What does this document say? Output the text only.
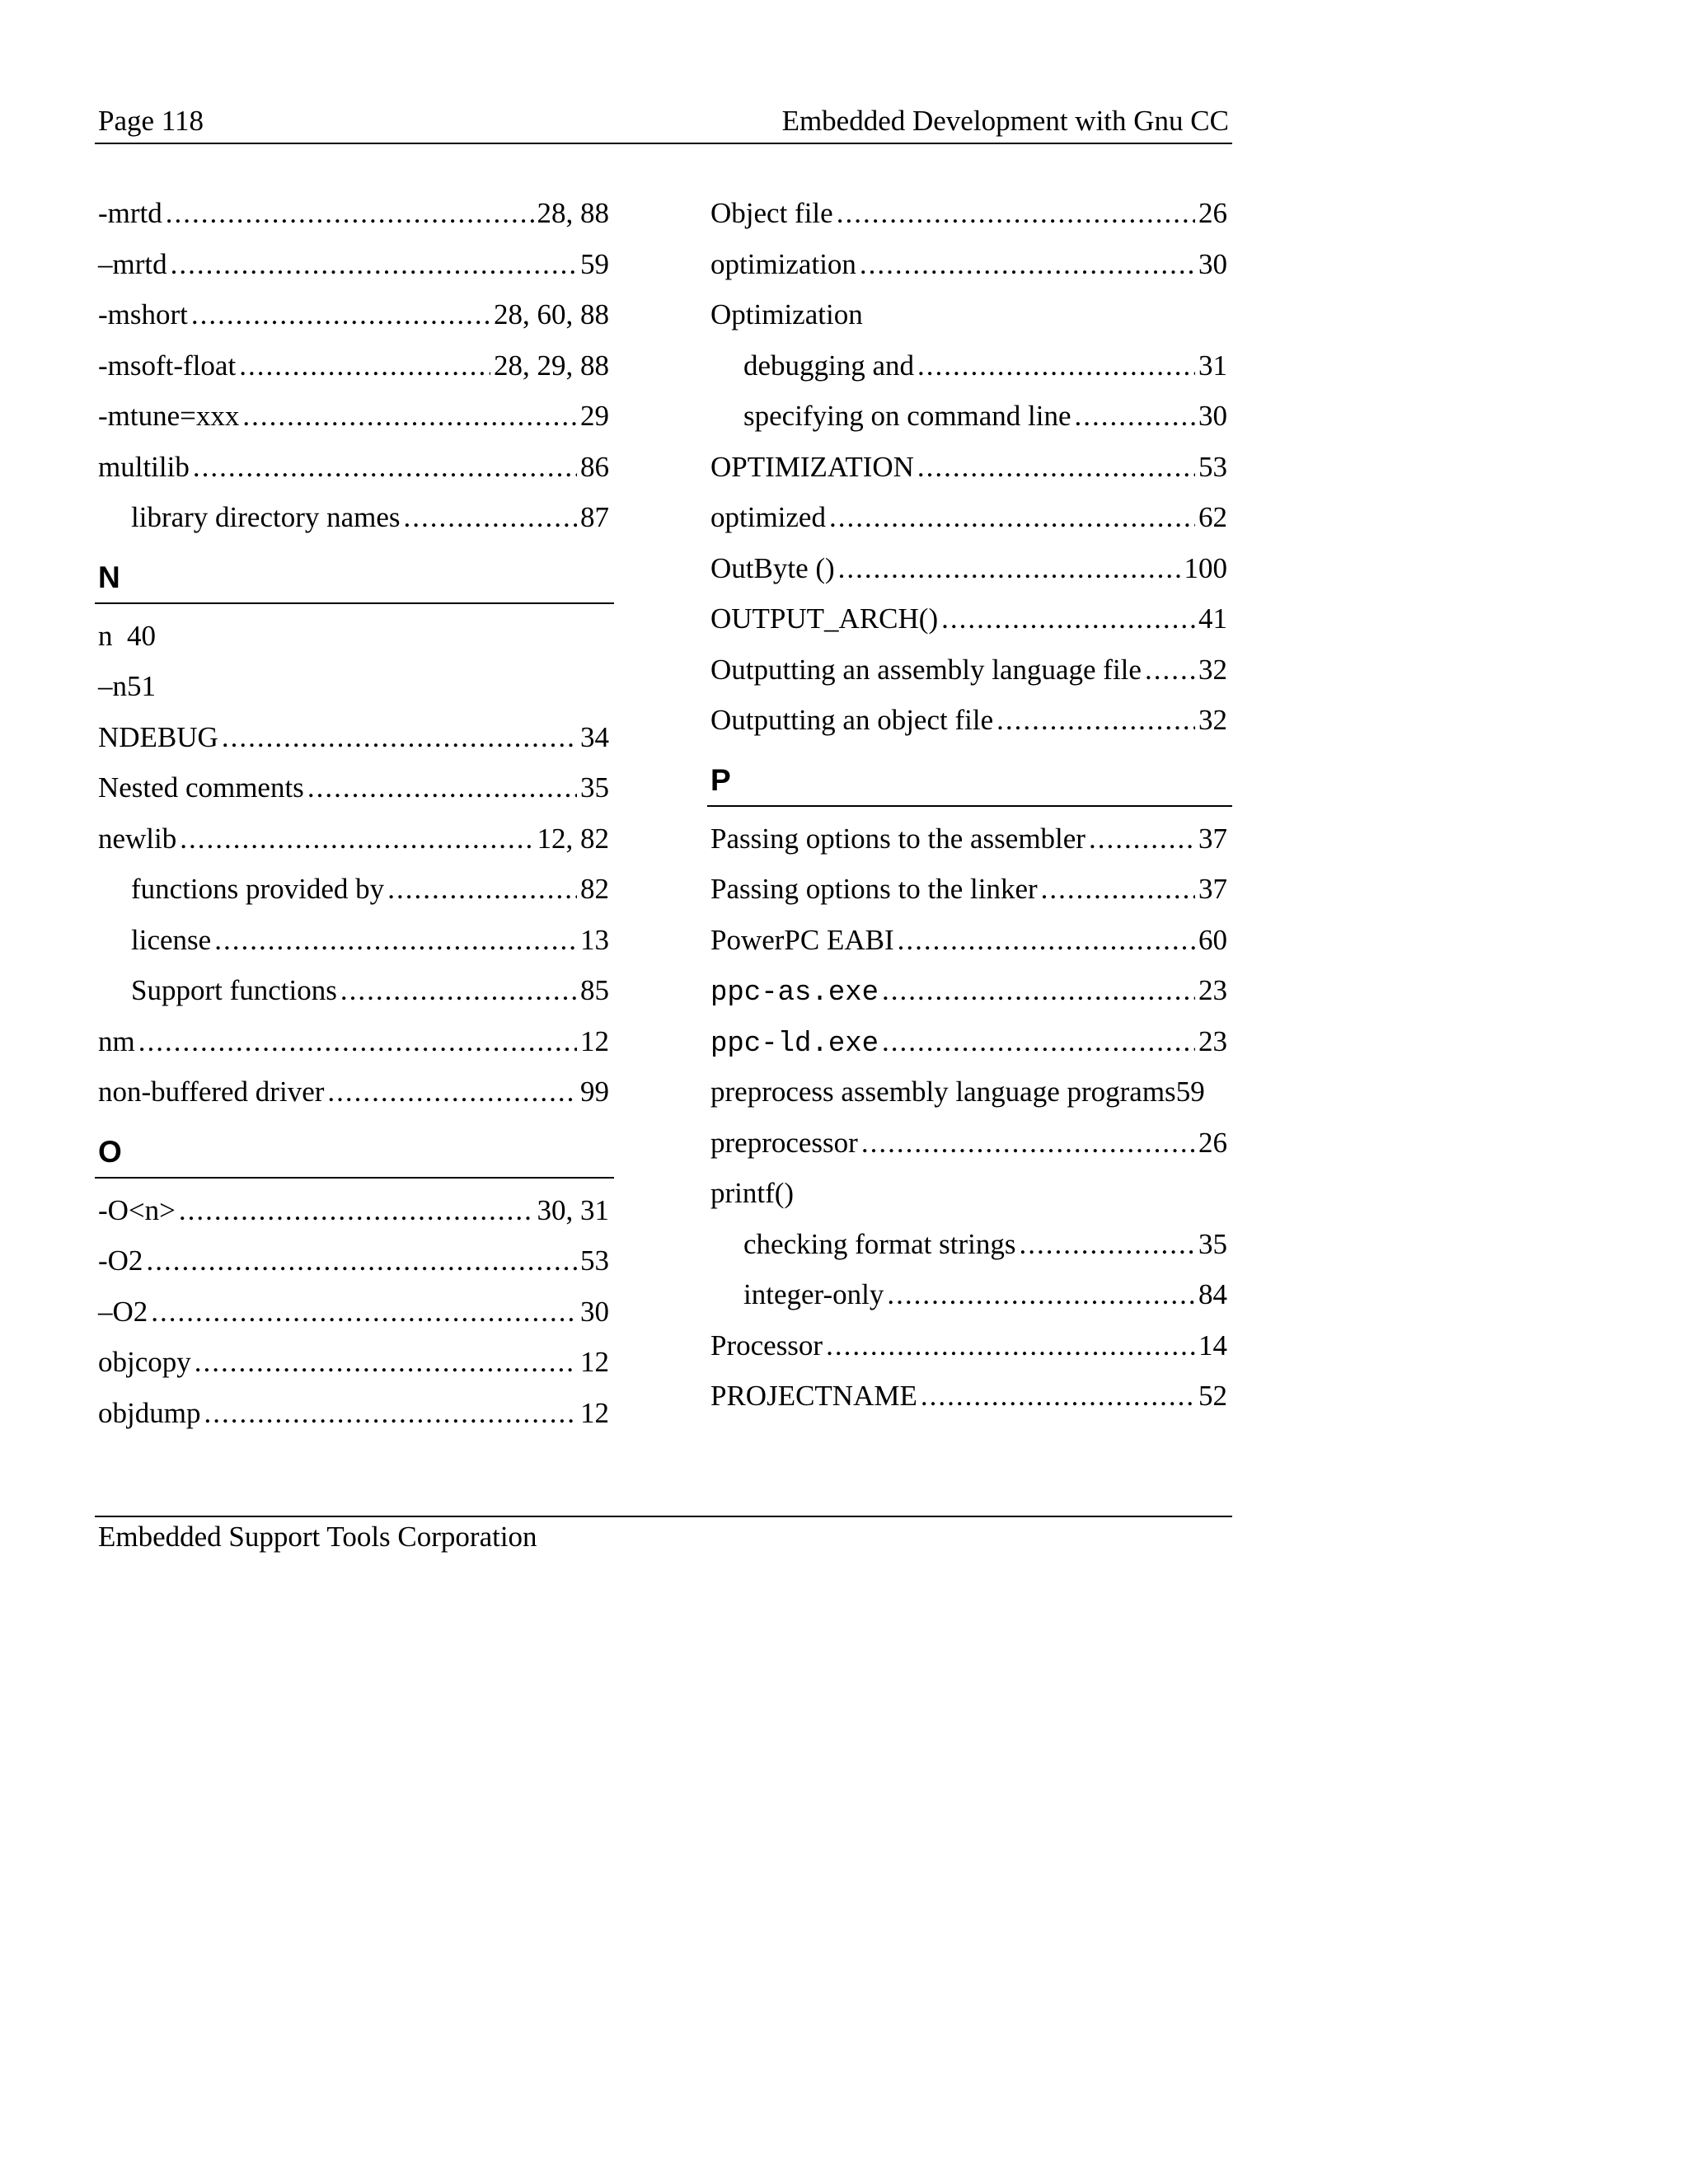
Page 118	Embedded Development with Gnu CC
-mrtd .....	28, 88
–mrtd .....	59
-mshort .....	28, 60, 88
-msoft-float .....	28, 29, 88
-mtune=xxx .....	29
multilib .....	86
library directory names .....	87
N
n  40
–n51
NDEBUG .....	34
Nested comments .....	35
newlib .....	12, 82
functions provided by .....	82
license .....	13
Support functions .....	85
nm .....	12
non-buffered driver .....	99
O
-O<n> .....	30, 31
-O2 .....	53
–O2 .....	30
objcopy .....	12
objdump .....	12
Object file .....	26
optimization .....	30
Optimization
debugging and .....	31
specifying on command line .....	30
OPTIMIZATION .....	53
optimized .....	62
OutByte () .....	100
OUTPUT_ARCH() .....	41
Outputting an assembly language file ..... 32
Outputting an object file .....	32
P
Passing options to the assembler .....	37
Passing options to the linker .....	37
PowerPC EABI .....	60
ppc-as.exe .....	23
ppc-ld.exe .....	23
preprocess assembly language programs 59
preprocessor .....	26
printf()
checking format strings .....	35
integer-only .....	84
Processor .....	14
PROJECTNAME .....	52
Embedded Support Tools Corporation
